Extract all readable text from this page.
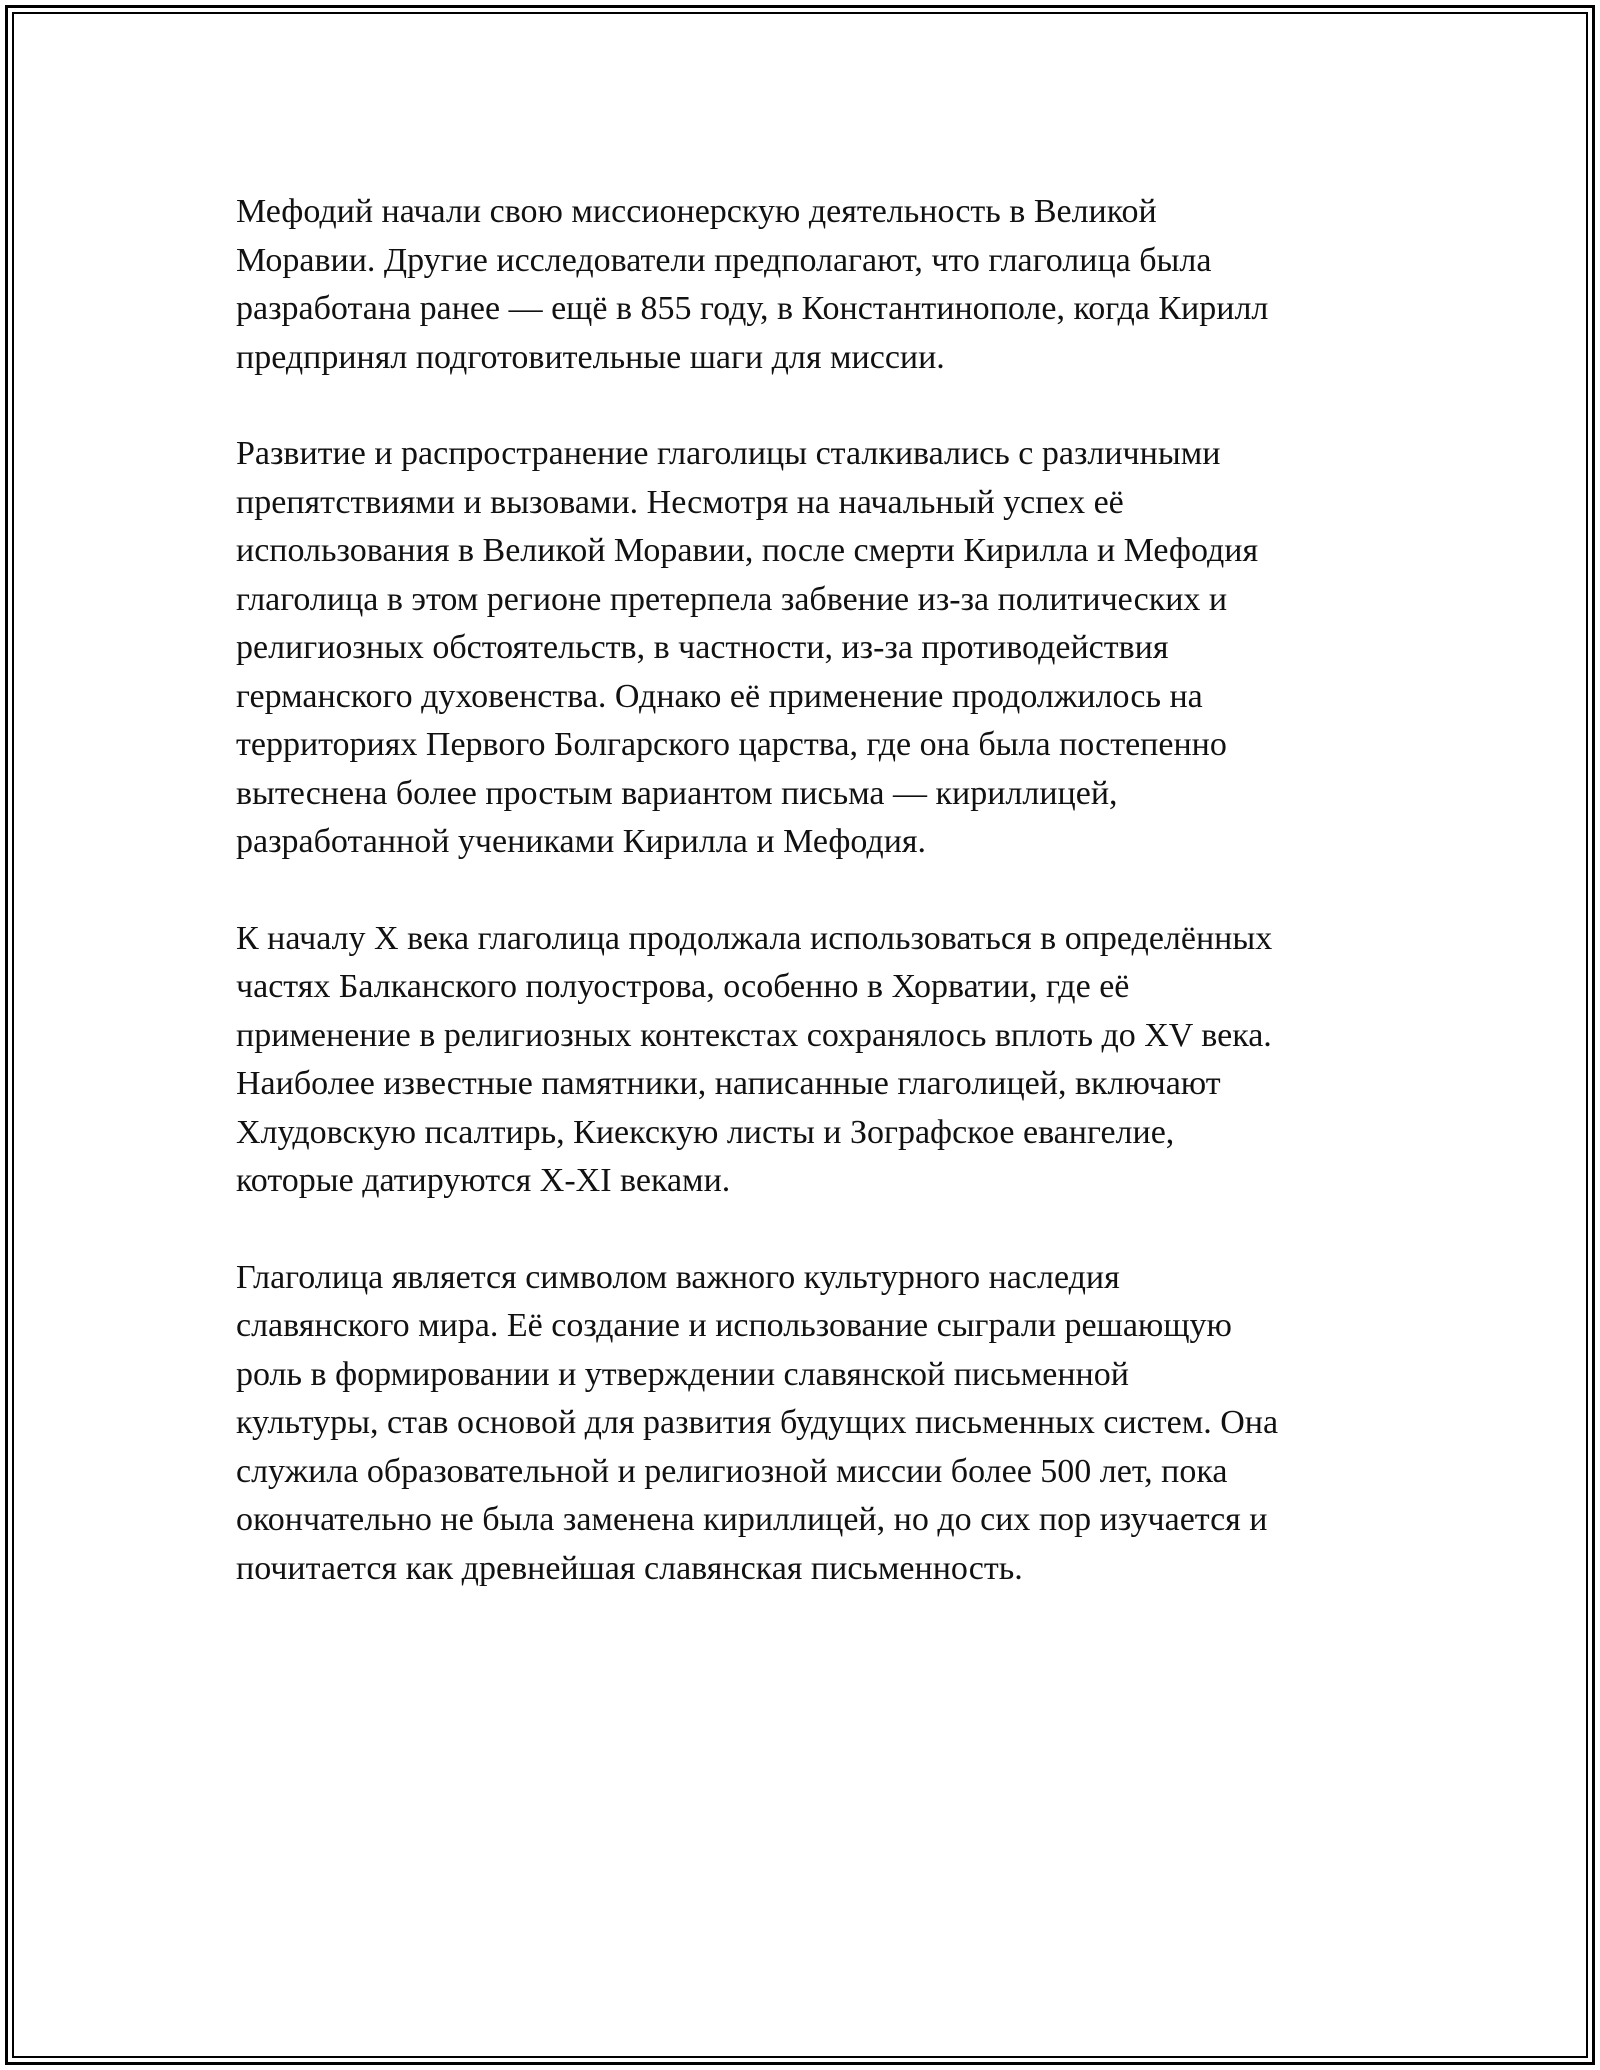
Мефодий начали свою миссионерскую деятельность в Великой
Моравии. Другие исследователи предполагают, что глаголица была
разработана ранее — ещё в 855 году, в Константинополе, когда Кирилл
предпринял подготовительные шаги для миссии.

Развитие и распространение глаголицы сталкивались с различными
препятствиями и вызовами. Несмотря на начальный успех её
использования в Великой Моравии, после смерти Кирилла и Мефодия
глаголица в этом регионе претерпела забвение из-за политических и
религиозных обстоятельств, в частности, из-за противодействия
германского духовенства. Однако её применение продолжилось на
территориях Первого Болгарского царства, где она была постепенно
вытеснена более простым вариантом письма — кириллицей,
разработанной учениками Кирилла и Мефодия.

К началу X века глаголица продолжала использоваться в определённых
частях Балканского полуострова, особенно в Хорватии, где её
применение в религиозных контекстах сохранялось вплоть до XV века.
Наиболее известные памятники, написанные глаголицей, включают
Хлудовскую псалтирь, Киекскую листы и Зографское евангелие,
которые датируются X-XI веками.

Глаголица является символом важного культурного наследия
славянского мира. Её создание и использование сыграли решающую
роль в формировании и утверждении славянской письменной
культуры, став основой для развития будущих письменных систем. Она
служила образовательной и религиозной миссии более 500 лет, пока
окончательно не была заменена кириллицей, но до сих пор изучается и
почитается как древнейшая славянская письменность.
